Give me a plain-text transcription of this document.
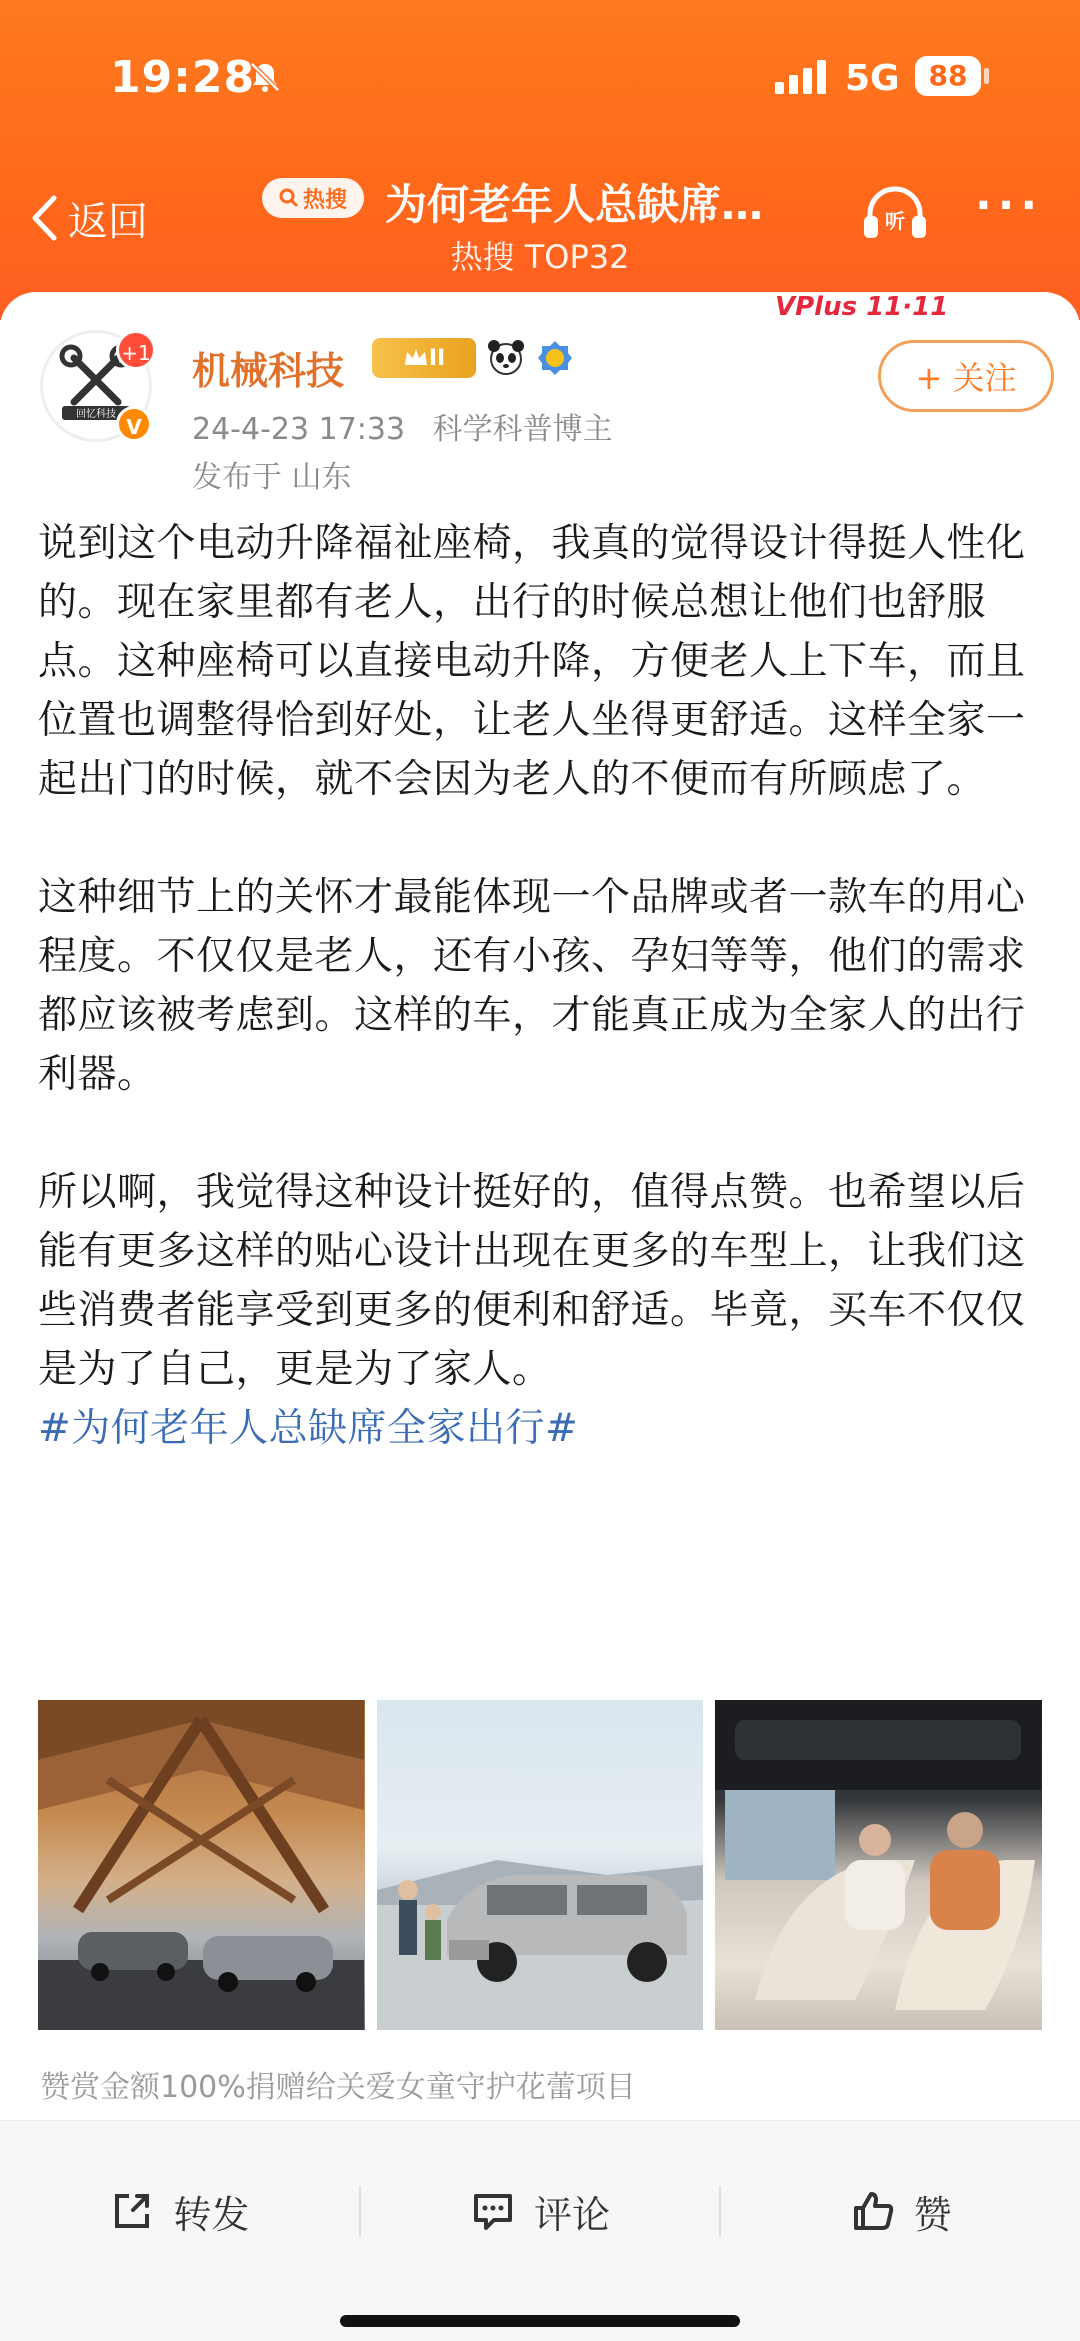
19:28	5G	88
返回	热搜 为何老年人总缺席…
热搜 TOP32
听 ···
回忆科技
+1
V
机械科技	II
24-4-23 17:33 科学科普博主
发布于 山东
VPlus 11·11
+ 关注

说到这个电动升降福祉座椅，我真的觉得设计得挺人性化的。现在家里都有老人，出行的时候总想让他们也舒服点。这种座椅可以直接电动升降，方便老人上下车，而且位置也调整得恰到好处，让老人坐得更舒适。这样全家一起出门的时候，就不会因为老人的不便而有所顾虑了。

这种细节上的关怀才最能体现一个品牌或者一款车的用心程度。不仅仅是老人，还有小孩、孕妇等等，他们的需求都应该被考虑到。这样的车，才能真正成为全家人的出行利器。

所以啊，我觉得这种设计挺好的，值得点赞。也希望以后能有更多这样的贴心设计出现在更多的车型上，让我们这些消费者能享受到更多的便利和舒适。毕竟，买车不仅仅是为了自己，更是为了家人。

#为何老年人总缺席全家出行#
赞赏金额100%捐赠给关爱女童守护花蕾项目
转发	评论	赞
